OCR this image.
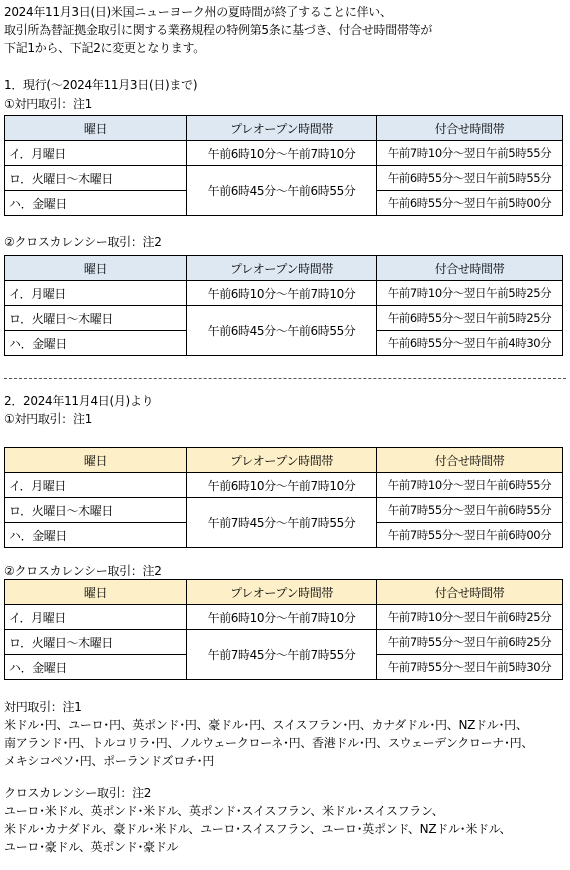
2024年11月3日(日)米国ニューヨーク州の夏時間が終了することに伴い、
取引所為替証拠金取引に関する業務規程の特例第5条に基づき、付合せ時間帯等が
下記1から、下記2に変更となります。
1．現行(～2024年11月3日(日)まで)
①対円取引：注1
曜日	プレオープン時間帯	付合せ時間帯
イ．月曜日	午前6時10分～午前7時10分	午前7時10分～翌日午前5時55分
ロ．火曜日～木曜日	午前6時45分～午前6時55分	午前6時55分～翌日午前5時55分
ハ．金曜日		午前6時55分～翌日午前5時00分
②クロスカレンシー取引：注2
曜日	プレオープン時間帯	付合せ時間帯
イ．月曜日	午前6時10分～午前7時10分	午前7時10分～翌日午前5時25分
ロ．火曜日～木曜日	午前6時45分～午前6時55分	午前6時55分～翌日午前5時25分
ハ．金曜日		午前6時55分～翌日午前4時30分
2．2024年11月4日(月)より
①対円取引：注1
曜日	プレオープン時間帯	付合せ時間帯
イ．月曜日	午前6時10分～午前7時10分	午前7時10分～翌日午前6時55分
ロ．火曜日～木曜日	午前7時45分～午前7時55分	午前7時55分～翌日午前6時55分
ハ．金曜日		午前7時55分～翌日午前6時00分
②クロスカレンシー取引：注2
曜日	プレオープン時間帯	付合せ時間帯
イ．月曜日	午前6時10分～午前7時10分	午前7時10分～翌日午前6時25分
ロ．火曜日～木曜日	午前7時45分～午前7時55分	午前7時55分～翌日午前6時25分
ハ．金曜日		午前7時55分～翌日午前5時30分
対円取引：注1
米ドル･円、ユーロ･円、英ポンド･円、豪ドル･円、スイスフラン･円、カナダドル･円、NZドル･円、
南アランド･円、トルコリラ･円、ノルウェークローネ･円、香港ドル･円、スウェーデンクローナ･円、
メキシコペソ･円、ポーランドズロチ･円
クロスカレンシー取引：注2
ユーロ･米ドル、英ポンド･米ドル、英ポンド･スイスフラン、米ドル･スイスフラン、
米ドル･カナダドル、豪ドル･米ドル、ユーロ･スイスフラン、ユーロ･英ポンド、NZドル･米ドル、
ユーロ･豪ドル、英ポンド･豪ドル
